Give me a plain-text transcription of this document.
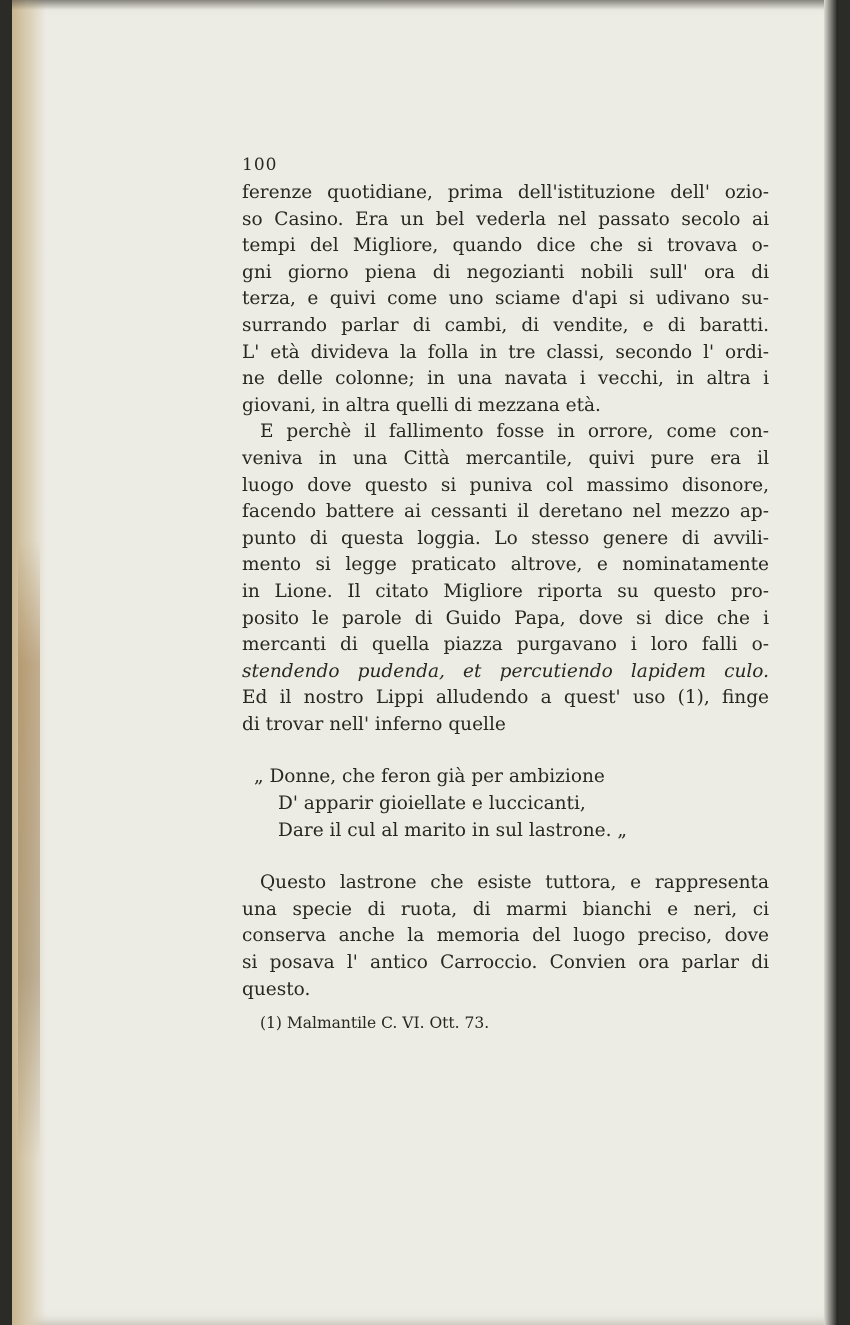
100
ferenze quotidiane, prima dell'istituzione dell' ozio-
so Casino. Era un bel vederla nel passato secolo ai
tempi del Migliore, quando dice che si trovava o-
gni giorno piena di negozianti nobili sull' ora di
terza, e quivi come uno sciame d'api si udivano su-
surrando parlar di cambi, di vendite, e di baratti.
L' età divideva la folla in tre classi, secondo l' ordi-
ne delle colonne; in una navata i vecchi, in altra i
giovani, in altra quelli di mezzana età.
E perchè il fallimento fosse in orrore, come con-
veniva in una Città mercantile, quivi pure era il
luogo dove questo si puniva col massimo disonore,
facendo battere ai cessanti il deretano nel mezzo ap-
punto di questa loggia. Lo stesso genere di avvili-
mento si legge praticato altrove, e nominatamente
in Lione. Il citato Migliore riporta su questo pro-
posito le parole di Guido Papa, dove si dice che i
mercanti di quella piazza purgavano i loro falli o-
stendendo pudenda, et percutiendo lapidem culo.
Ed il nostro Lippi alludendo a quest' uso (1), finge
di trovar nell' inferno quelle
„ Donne, che feron già per ambizione
D' apparir gioiellate e luccicanti,
Dare il cul al marito in sul lastrone. „
Questo lastrone che esiste tuttora, e rappresenta
una specie di ruota, di marmi bianchi e neri, ci
conserva anche la memoria del luogo preciso, dove
si posava l' antico Carroccio. Convien ora parlar di
questo.
(1) Malmantile C. VI. Ott. 73.
